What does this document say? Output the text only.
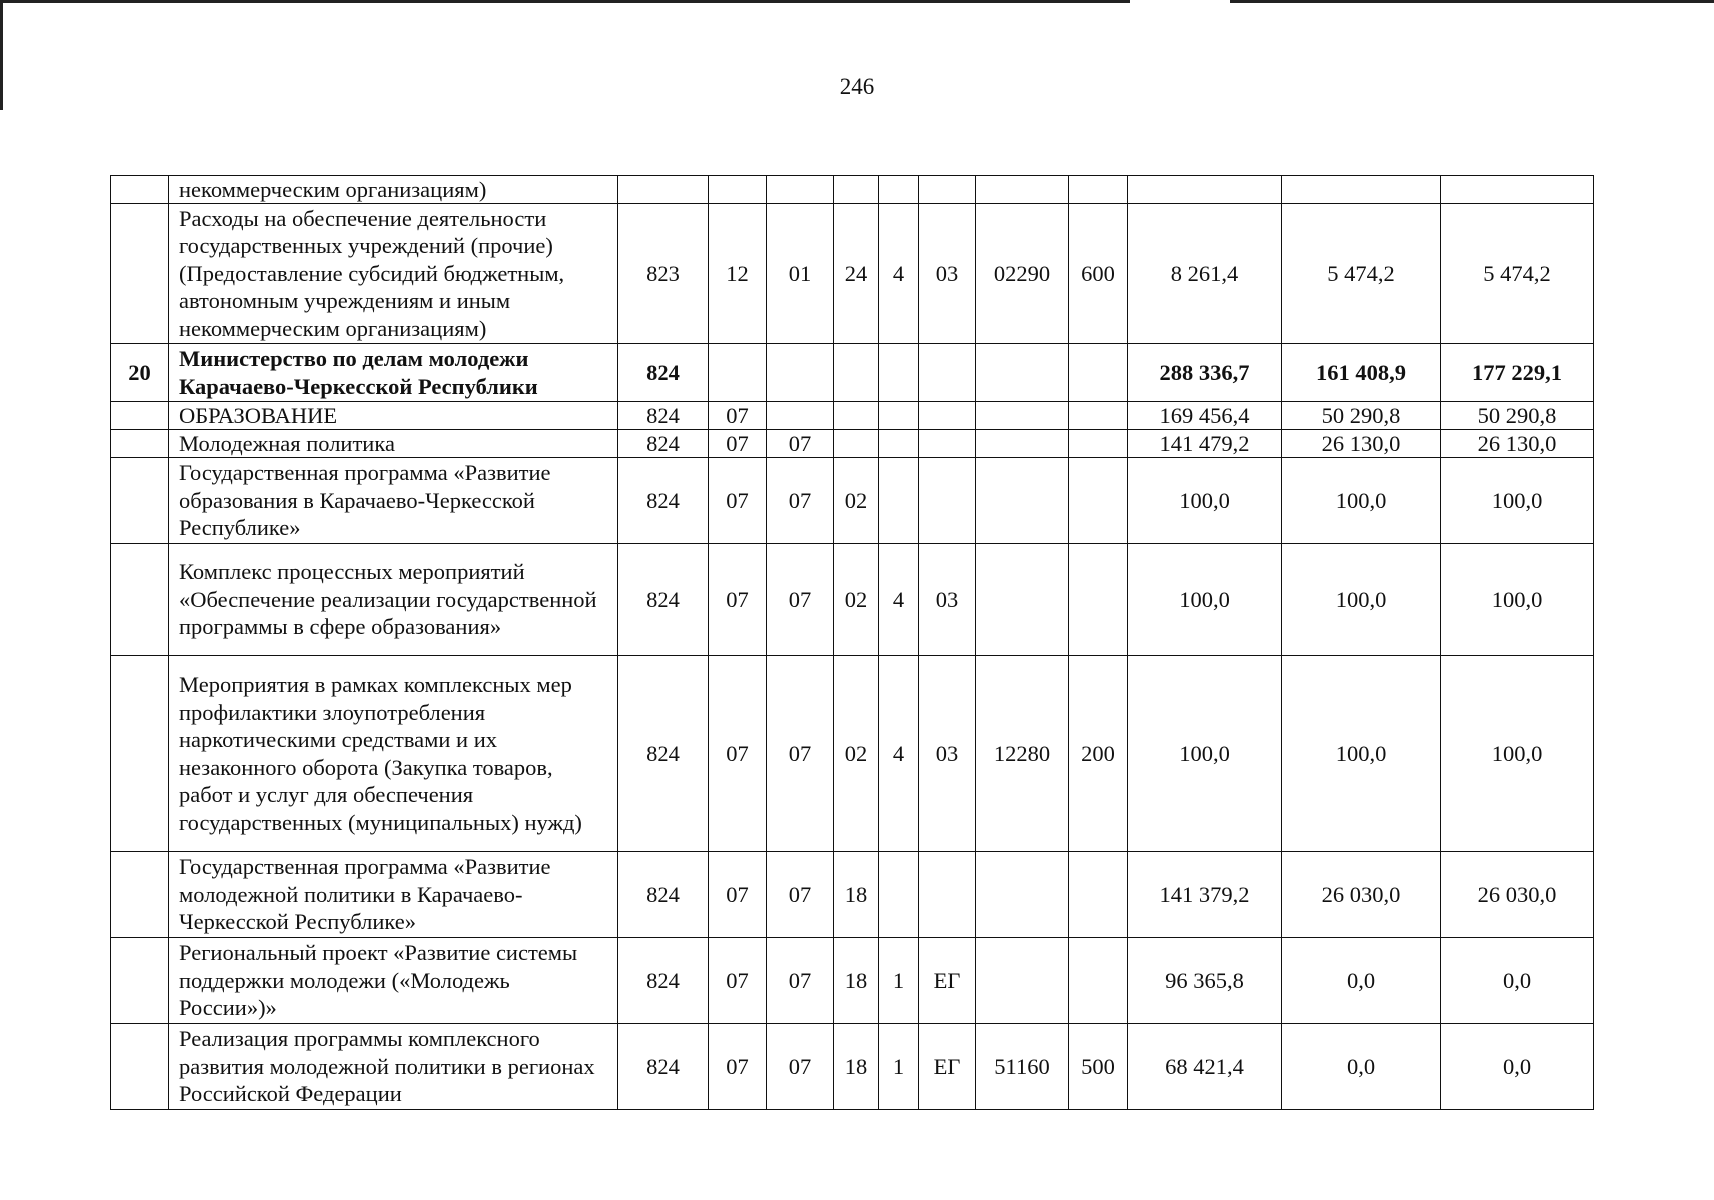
246
	некоммерческим организациям)											
	Расходы на обеспечение деятельности государственных учреждений (прочие) (Предоставление субсидий бюджетным, автономным учреждениям и иным некоммерческим организациям)	823	12	01	24	4	03	02290	600	8 261,4	5 474,2	5 474,2
20	Министерство по делам молодежи Карачаево-Черкесской Республики	824								288 336,7	161 408,9	177 229,1
	ОБРАЗОВАНИЕ	824	07							169 456,4	50 290,8	50 290,8
	Молодежная политика	824	07	07						141 479,2	26 130,0	26 130,0
	Государственная программа «Развитие образования в Карачаево-Черкесской Республике»	824	07	07	02					100,0	100,0	100,0
	Комплекс процессных мероприятий «Обеспечение реализации государственной программы в сфере образования»	824	07	07	02	4	03			100,0	100,0	100,0
	Мероприятия в рамках комплексных мер профилактики злоупотребления наркотическими средствами и их незаконного оборота (Закупка товаров, работ и услуг для обеспечения государственных (муниципальных) нужд)	824	07	07	02	4	03	12280	200	100,0	100,0	100,0
	Государственная программа «Развитие молодежной политики в Карачаево-Черкесской Республике»	824	07	07	18					141 379,2	26 030,0	26 030,0
	Региональный проект «Развитие системы поддержки молодежи («Молодежь России»)»	824	07	07	18	1	ЕГ			96 365,8	0,0	0,0
	Реализация программы комплексного развития молодежной политики в регионах Российской Федерации	824	07	07	18	1	ЕГ	51160	500	68 421,4	0,0	0,0
